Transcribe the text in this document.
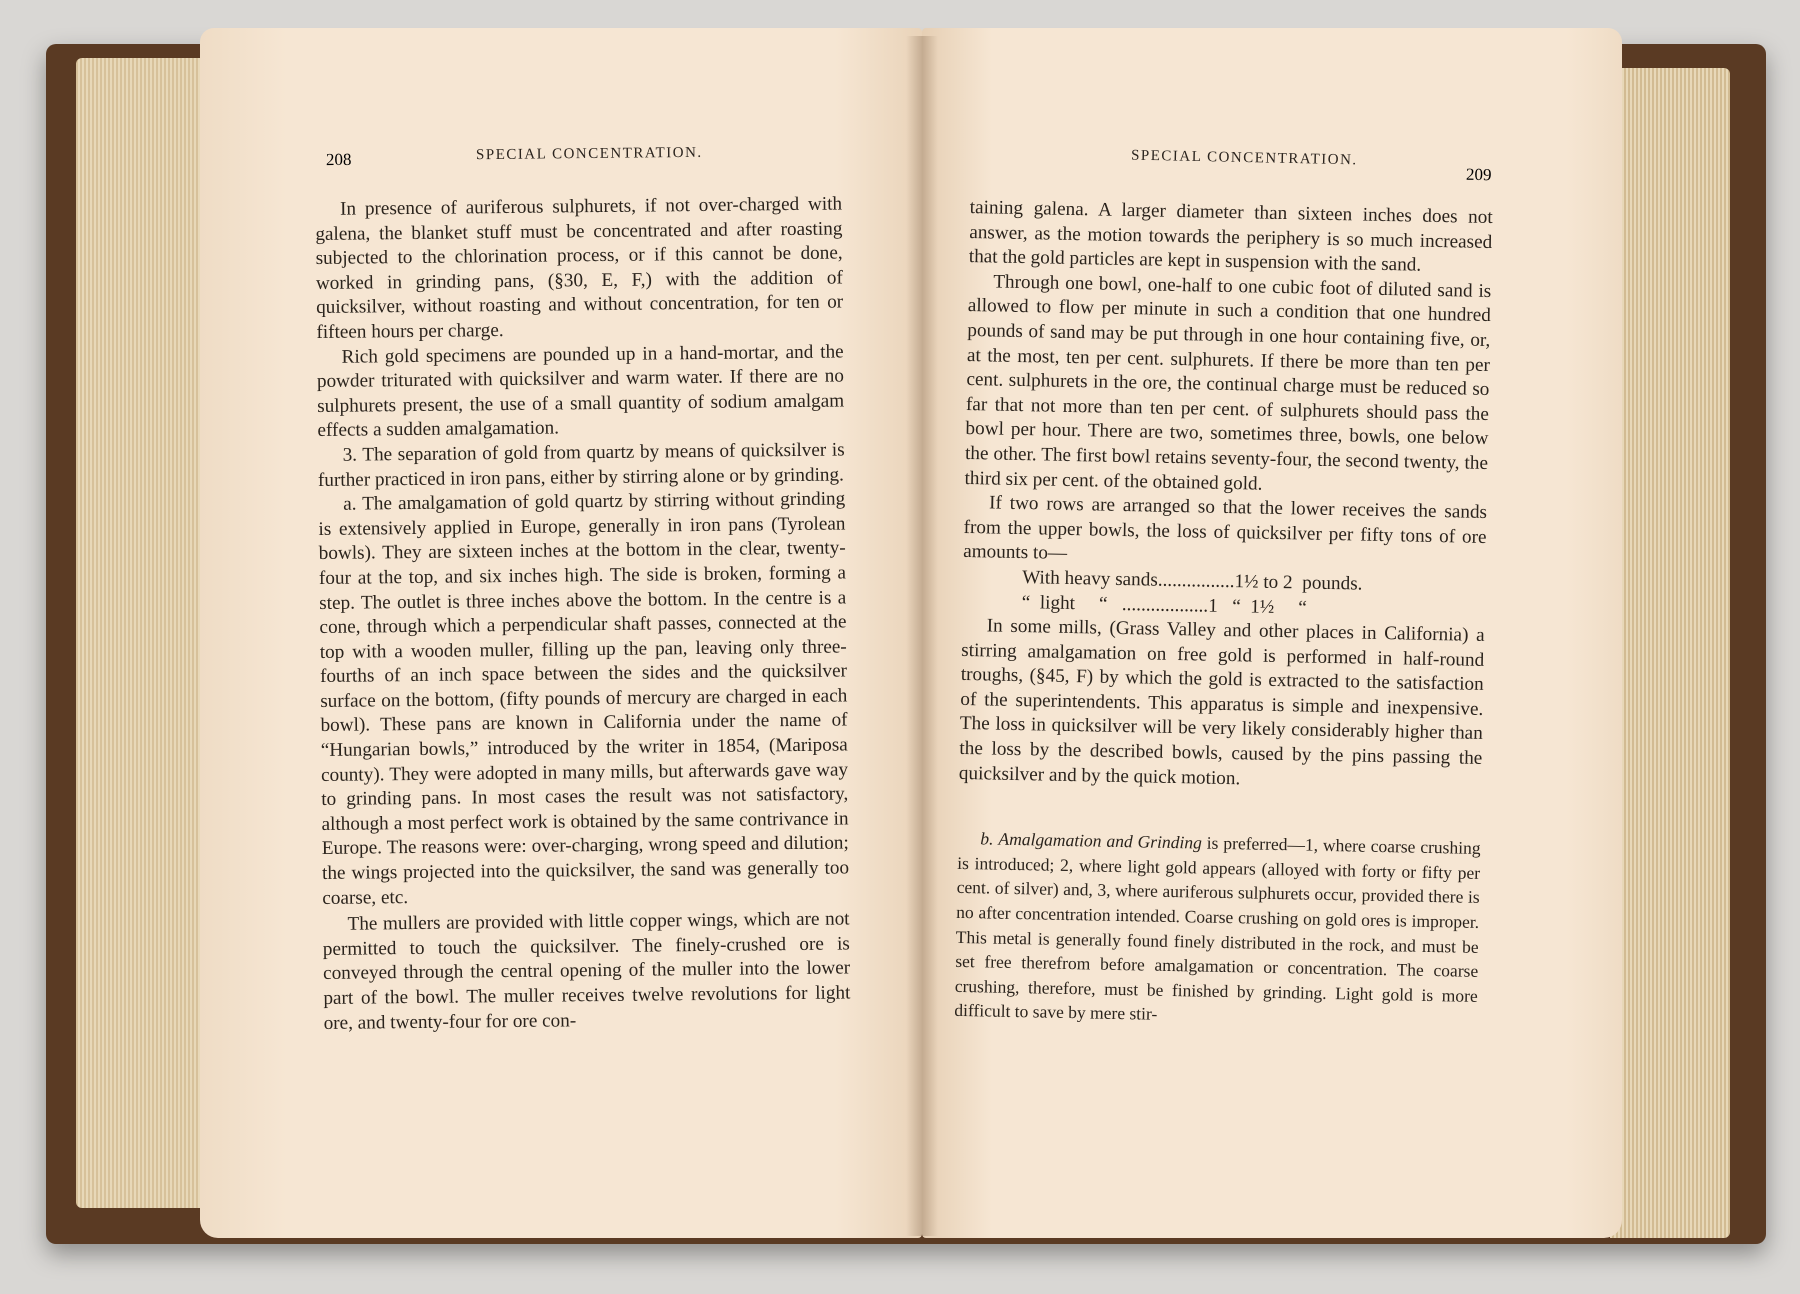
208	SPECIAL CONCENTRATION.	SPECIAL CONCENTRATION.
209

In presence of auriferous sulphurets, if not over-charged with galena, the blanket stuff must be concentrated and after roasting subjected to the chlorination process, or if this cannot be done, worked in grinding pans, (§30, E, F,) with the addition of quicksilver, without roasting and without concentration, for ten or fifteen hours per charge.

Rich gold specimens are pounded up in a hand-mortar, and the powder triturated with quicksilver and warm water. If there are no sulphurets present, the use of a small quantity of sodium amalgam effects a sudden amalgamation.

3. The separation of gold from quartz by means of quicksilver is further practiced in iron pans, either by stirring alone or by grinding.

a. The amalgamation of gold quartz by stirring without grinding is extensively applied in Europe, generally in iron pans (Tyrolean bowls). They are sixteen inches at the bottom in the clear, twenty-four at the top, and six inches high. The side is broken, forming a step. The outlet is three inches above the bottom. In the centre is a cone, through which a perpendicular shaft passes, connected at the top with a wooden muller, filling up the pan, leaving only three-fourths of an inch space between the sides and the quicksilver surface on the bottom, (fifty pounds of mercury are charged in each bowl). These pans are known in California under the name of “Hungarian bowls,” introduced by the writer in 1854, (Mariposa county). They were adopted in many mills, but afterwards gave way to grinding pans. In most cases the result was not satisfactory, although a most perfect work is obtained by the same contrivance in Europe. The reasons were: over-charging, wrong speed and dilution; the wings projected into the quicksilver, the sand was generally too coarse, etc.

The mullers are provided with little copper wings, which are not permitted to touch the quicksilver. The finely-crushed ore is conveyed through the central opening of the muller into the lower part of the bowl. The muller receives twelve revolutions for light ore, and twenty-four for ore con-

taining galena. A larger diameter than sixteen inches does not answer, as the motion towards the periphery is so much increased that the gold particles are kept in suspension with the sand.

Through one bowl, one-half to one cubic foot of diluted sand is allowed to flow per minute in such a condition that one hundred pounds of sand may be put through in one hour containing five, or, at the most, ten per cent. sulphurets. If there be more than ten per cent. sulphurets in the ore, the continual charge must be reduced so far that not more than ten per cent. of sulphurets should pass the bowl per hour. There are two, sometimes three, bowls, one below the other. The first bowl retains seventy-four, the second twenty, the third six per cent. of the obtained gold.

If two rows are arranged so that the lower receives the sands from the upper bowls, the loss of quicksilver per fifty tons of ore amounts to—

With heavy sands................1½ to 2  pounds.

“  light     “   ..................1   “  1½     “

In some mills, (Grass Valley and other places in California) a stirring amalgamation on free gold is performed in half-round troughs, (§45, F) by which the gold is extracted to the satisfaction of the superintendents. This apparatus is simple and inexpensive. The loss in quicksilver will be very likely considerably higher than the loss by the described bowls, caused by the pins passing the quicksilver and by the quick motion.

b. Amalgamation and Grinding is preferred—1, where coarse crushing is introduced; 2, where light gold appears (alloyed with forty or fifty per cent. of silver) and, 3, where auriferous sulphurets occur, provided there is no after concentration intended. Coarse crushing on gold ores is improper. This metal is generally found finely distributed in the rock, and must be set free therefrom before amalgamation or concentration. The coarse crushing, therefore, must be finished by grinding. Light gold is more difficult to save by mere stir-
